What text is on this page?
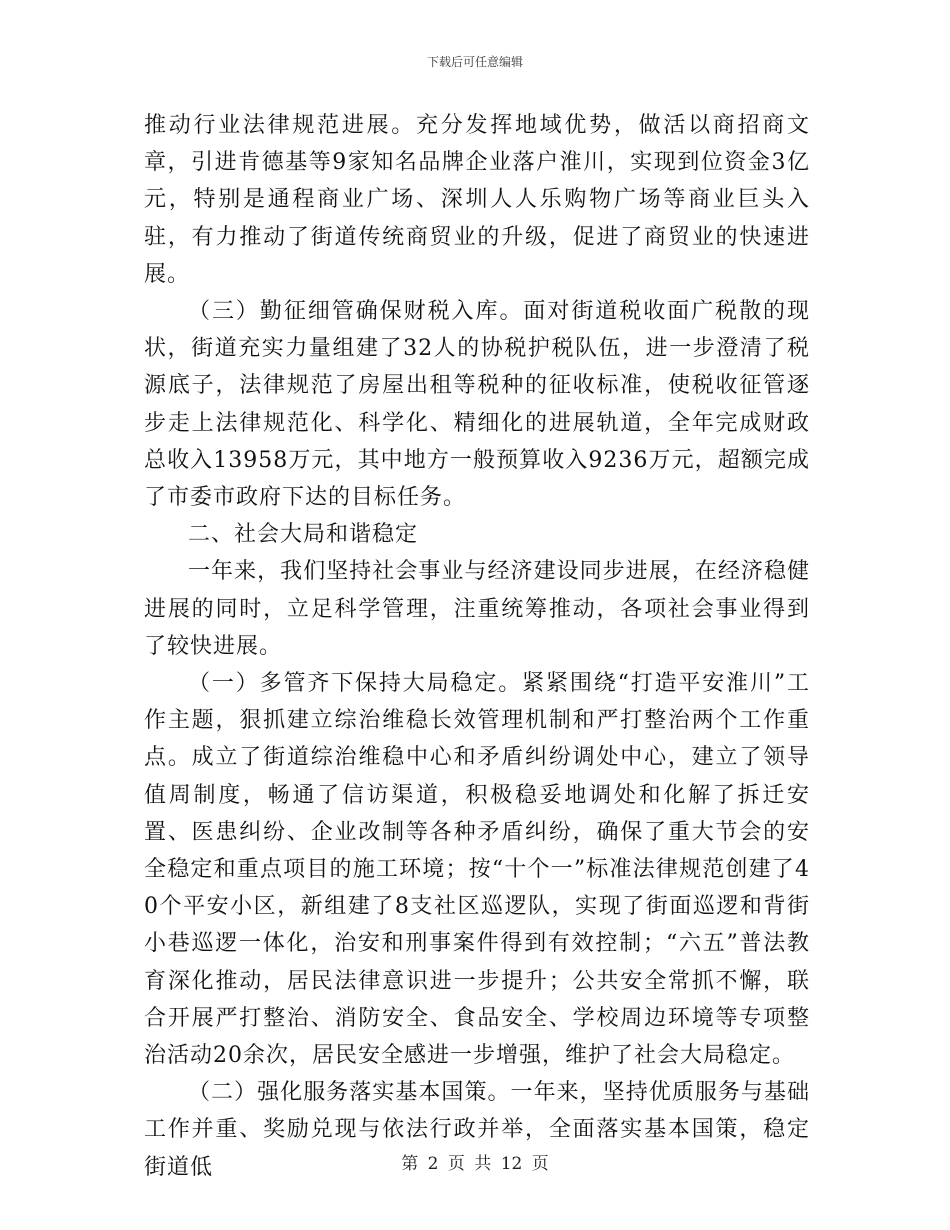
下载后可任意编辑

推动行业法律规范进展。充分发挥地域优势，做活以商招商文章，引进肯德基等9家知名品牌企业落户淮川，实现到位资金3亿元，特别是通程商业广场、深圳人人乐购物广场等商业巨头入驻，有力推动了街道传统商贸业的升级，促进了商贸业的快速进展。

（三）勤征细管确保财税入库。面对街道税收面广税散的现状，街道充实力量组建了32人的协税护税队伍，进一步澄清了税源底子，法律规范了房屋出租等税种的征收标准，使税收征管逐步走上法律规范化、科学化、精细化的进展轨道，全年完成财政总收入13958万元，其中地方一般预算收入9236万元，超额完成了市委市政府下达的目标任务。

二、社会大局和谐稳定

一年来，我们坚持社会事业与经济建设同步进展，在经济稳健进展的同时，立足科学管理，注重统筹推动，各项社会事业得到了较快进展。

（一）多管齐下保持大局稳定。紧紧围绕“打造平安淮川”工作主题，狠抓建立综治维稳长效管理机制和严打整治两个工作重点。成立了街道综治维稳中心和矛盾纠纷调处中心，建立了领导值周制度，畅通了信访渠道，积极稳妥地调处和化解了拆迁安置、医患纠纷、企业改制等各种矛盾纠纷，确保了重大节会的安全稳定和重点项目的施工环境；按“十个一”标准法律规范创建了40个平安小区，新组建了8支社区巡逻队，实现了街面巡逻和背街小巷巡逻一体化，治安和刑事案件得到有效控制；“六五”普法教育深化推动，居民法律意识进一步提升；公共安全常抓不懈，联合开展严打整治、消防安全、食品安全、学校周边环境等专项整治活动20余次，居民安全感进一步增强，维护了社会大局稳定。

（二）强化服务落实基本国策。一年来，坚持优质服务与基础工作并重、奖励兑现与依法行政并举，全面落实基本国策，稳定街道低	第 2 页 共 12 页
